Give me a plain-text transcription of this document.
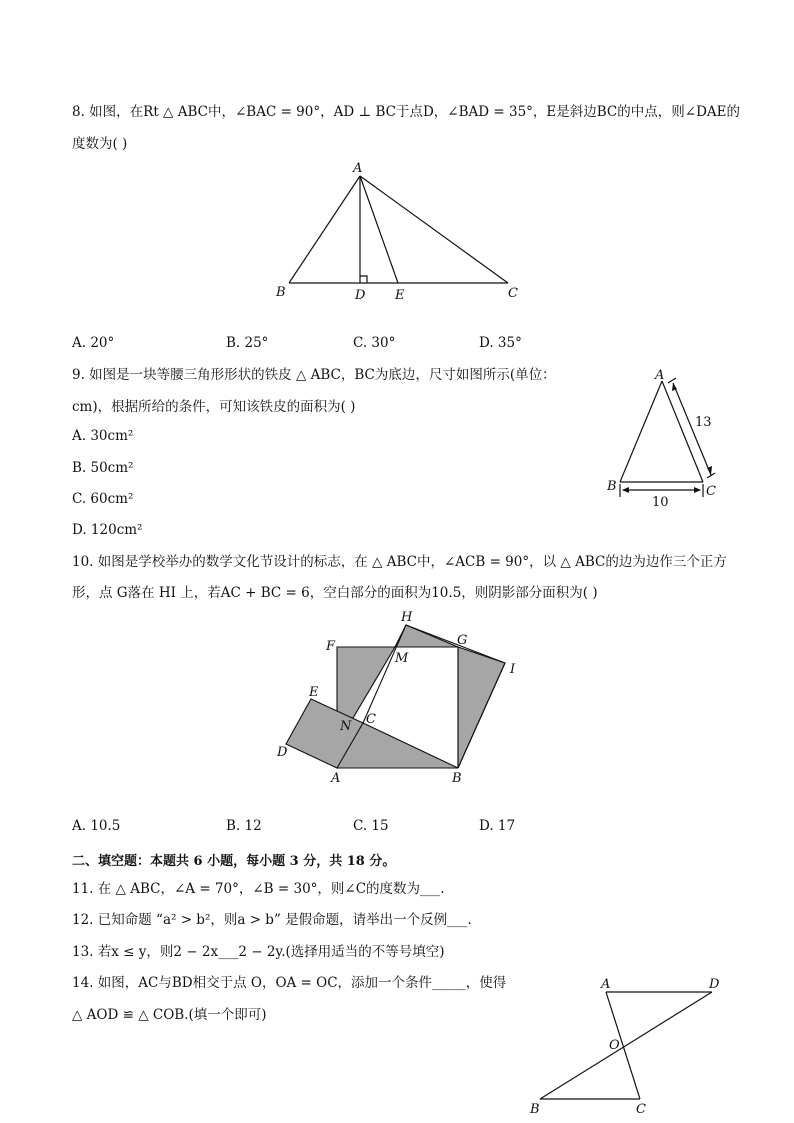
8. 如图，在Rt △ ABC中，∠BAC = 90°，AD ⊥ BC于点D，∠BAD = 35°，E是斜边BC的中点，则∠DAE的
度数为( )
A
B	D E	C
A. 20°	B. 25°	C. 30°	D. 35°
9. 如图是一块等腰三角形形状的铁皮 △ ABC，BC为底边，尺寸如图所示(单位：
cm)，根据所给的条件，可知该铁皮的面积为( )
A. 30cm²
B. 50cm²
C. 60cm²
D. 120cm²
A
B	C
13
10
10. 如图是学校举办的数学文化节设计的标志，在 △ ABC中，∠ACB = 90°，以 △ ABC的边为边作三个正方
形，点 G落在 HI 上，若AC + BC = 6，空白部分的面积为10.5，则阴影部分面积为( )
H
G
F
M
I
E
C
N
D
A	B
A. 10.5	B. 12	C. 15	D. 17
二、填空题：本题共 6 小题，每小题 3 分，共 18 分。
11. 在 △ ABC，∠A = 70°，∠B = 30°，则∠C的度数为___.
12. 已知命题 “a² > b²，则a > b” 是假命题，请举出一个反例___.
13. 若x ≤ y，则2 − 2x___2 − 2y.(选择用适当的不等号填空)
14. 如图，AC与BD相交于点 O，OA = OC，添加一个条件_____，使得
△ AOD ≌ △ COB.(填一个即可)
A	D
O
B	C
